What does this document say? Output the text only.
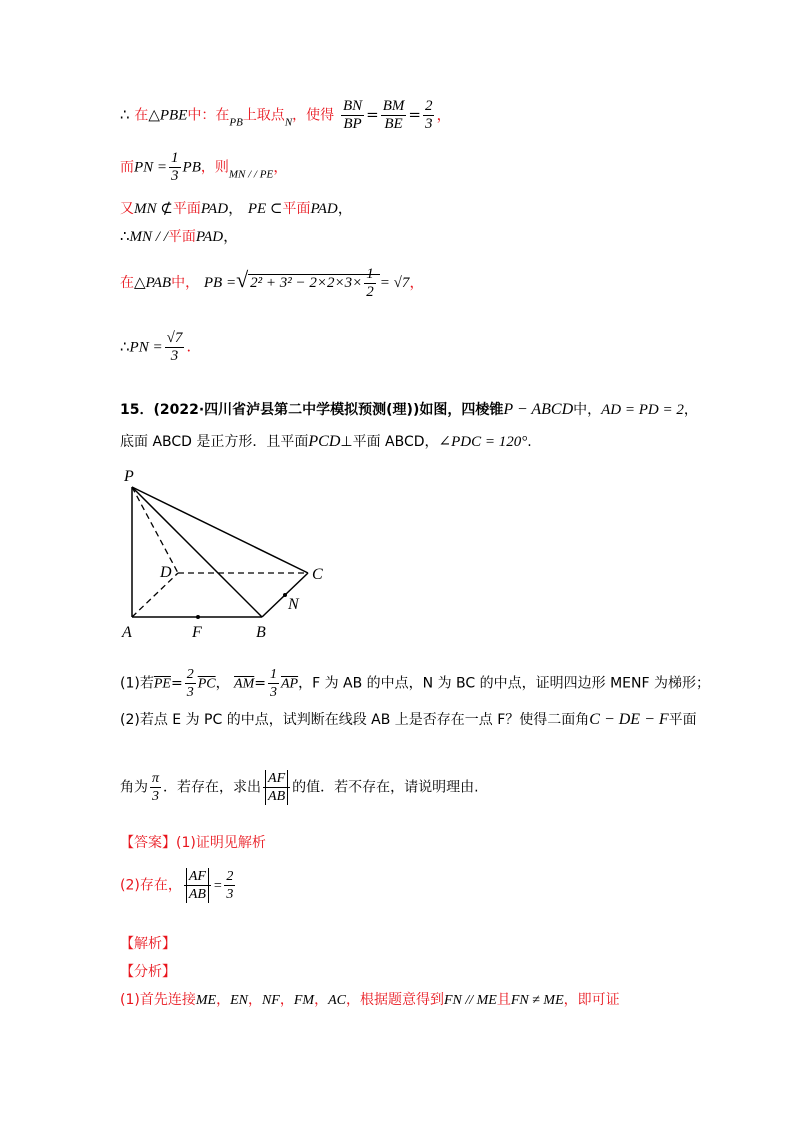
∴ 在△PBE中：在$_{PB}$上取点$_N$，使得 $\frac{BN}{BP} = \frac{BM}{BE} = \frac{2}{3}$ ，
而PN = $\frac{1}{3}$ PB，则$_{MN / / PE}$，
又MN ⊄平面PAD， PE ⊂平面PAD，
∴MN / /平面PAD，
在△PAB中， PB =√ $2^2 + 3^2 - 2\times 2\times 3\times \frac{1}{2} = √7$，
∴PN = $\frac{√7}{3}$ .
15．(2022·四川省泸县第二中学模拟预测(理))如图，四棱锥P − ABCD中，AD = PD = 2，
底面 ABCD 是正方形．且平面PCD⊥平面 ABCD，∠PDC = 120°.
P
D	C
N
A	F	B
(1)若$\overline{PE}= \frac{2}{3} \overline{PC}$， $\overline{AM}= \frac{1}{3} \overline{AP}$，F 为 AB 的中点，N 为 BC 的中点，证明四边形 MENF 为梯形；
(2)若点 E 为 PC 的中点，试判断在线段 AB 上是否存在一点 F？使得二面角C − DE − F平面
角为 $\frac{\pi}{3}$ ．若存在，求出 $\frac{AF}{AB}$ 的值．若不存在，请说明理由.
【答案】(1)证明见解析
(2)存在， $\frac{AF}{AB} = \frac{2}{3}$
【解析】
【分析】
(1)首先连接ME，EN，NF，FM，AC，根据题意得到FN // ME且FN ≠ ME，即可证
